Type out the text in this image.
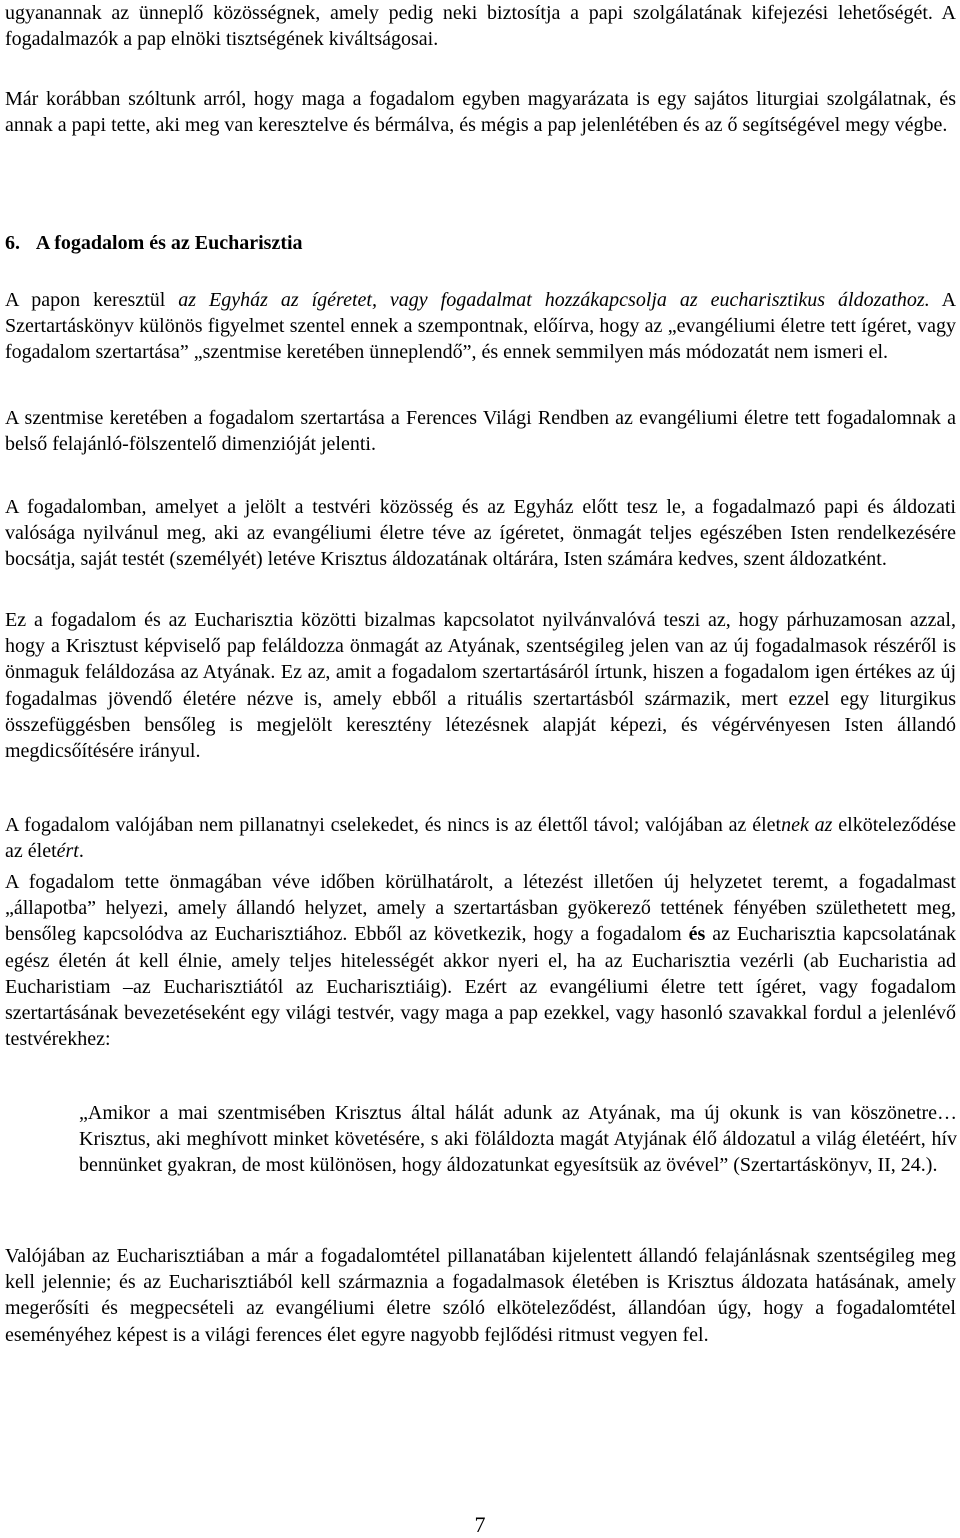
ugyanannak az ünneplő közösségnek, amely pedig neki biztosítja a papi szolgálatának kifejezési lehetőségét. A fogadalmazók a pap elnöki tisztségének kiváltságosai.

Már korábban szóltunk arról, hogy maga a fogadalom egyben magyarázata is egy sajátos liturgiai szolgálatnak, és annak a papi tette, aki meg van keresztelve és bérmálva, és mégis a pap jelenlétében és az ő segítségével megy végbe.

6. A fogadalom és az Eucharisztia

A papon keresztül az Egyház az ígéretet, vagy fogadalmat hozzákapcsolja az eucharisztikus áldozathoz. A Szertartáskönyv különös figyelmet szentel ennek a szempontnak, előírva, hogy az „evangéliumi életre tett ígéret, vagy fogadalom szertartása” „szentmise keretében ünneplendő”, és ennek semmilyen más módozatát nem ismeri el.

A szentmise keretében a fogadalom szertartása a Ferences Világi Rendben az evangéliumi életre tett fogadalomnak a belső felajánló-fölszentelő dimenzióját jelenti.

A fogadalomban, amelyet a jelölt a testvéri közösség és az Egyház előtt tesz le, a fogadalmazó papi és áldozati valósága nyilvánul meg, aki az evangéliumi életre téve az ígéretet, önmagát teljes egészében Isten rendelkezésére bocsátja, saját testét (személyét) letéve Krisztus áldozatának oltárára, Isten számára kedves, szent áldozatként.

Ez a fogadalom és az Eucharisztia közötti bizalmas kapcsolatot nyilvánvalóvá teszi az, hogy párhuzamosan azzal, hogy a Krisztust képviselő pap feláldozza önmagát az Atyának, szentségileg jelen van az új fogadalmasok részéről is önmaguk feláldozása az Atyának. Ez az, amit a fogadalom szertartásáról írtunk, hiszen a fogadalom igen értékes az új fogadalmas jövendő életére nézve is, amely ebből a rituális szertartásból származik, mert ezzel egy liturgikus összefüggésben bensőleg is megjelölt keresztény létezésnek alapját képezi, és végérvényesen Isten állandó megdicsőítésére irányul.

A fogadalom valójában nem pillanatnyi cselekedet, és nincs is az élettől távol; valójában az életnek az elköteleződése az életért.

A fogadalom tette önmagában véve időben körülhatárolt, a létezést illetően új helyzetet teremt, a fogadalmast „állapotba” helyezi, amely állandó helyzet, amely a szertartásban gyökerező tettének fényében születhetett meg, bensőleg kapcsolódva az Eucharisztiához. Ebből az következik, hogy a fogadalom és az Eucharisztia kapcsolatának egész életén át kell élnie, amely teljes hitelességét akkor nyeri el, ha az Eucharisztia vezérli (ab Eucharistia ad Eucharistiam –az Eucharisztiától az Eucharisztiáig). Ezért az evangéliumi életre tett ígéret, vagy fogadalom szertartásának bevezetéseként egy világi testvér, vagy maga a pap ezekkel, vagy hasonló szavakkal fordul a jelenlévő testvérekhez:

„Amikor a mai szentmisében Krisztus által hálát adunk az Atyának, ma új okunk is van köszönetre… Krisztus, aki meghívott minket követésére, s aki föláldozta magát Atyjának élő áldozatul a világ életéért, hív bennünket gyakran, de most különösen, hogy áldozatunkat egyesítsük az övével” (Szertartáskönyv, II, 24.).

Valójában az Eucharisztiában a már a fogadalomtétel pillanatában kijelentett állandó felajánlásnak szentségileg meg kell jelennie; és az Eucharisztiából kell származnia a fogadalmasok életében is Krisztus áldozata hatásának, amely megerősíti és megpecsételi az evangéliumi életre szóló elköteleződést, állandóan úgy, hogy a fogadalomtétel eseményéhez képest is a világi ferences élet egyre nagyobb fejlődési ritmust vegyen fel.

7
